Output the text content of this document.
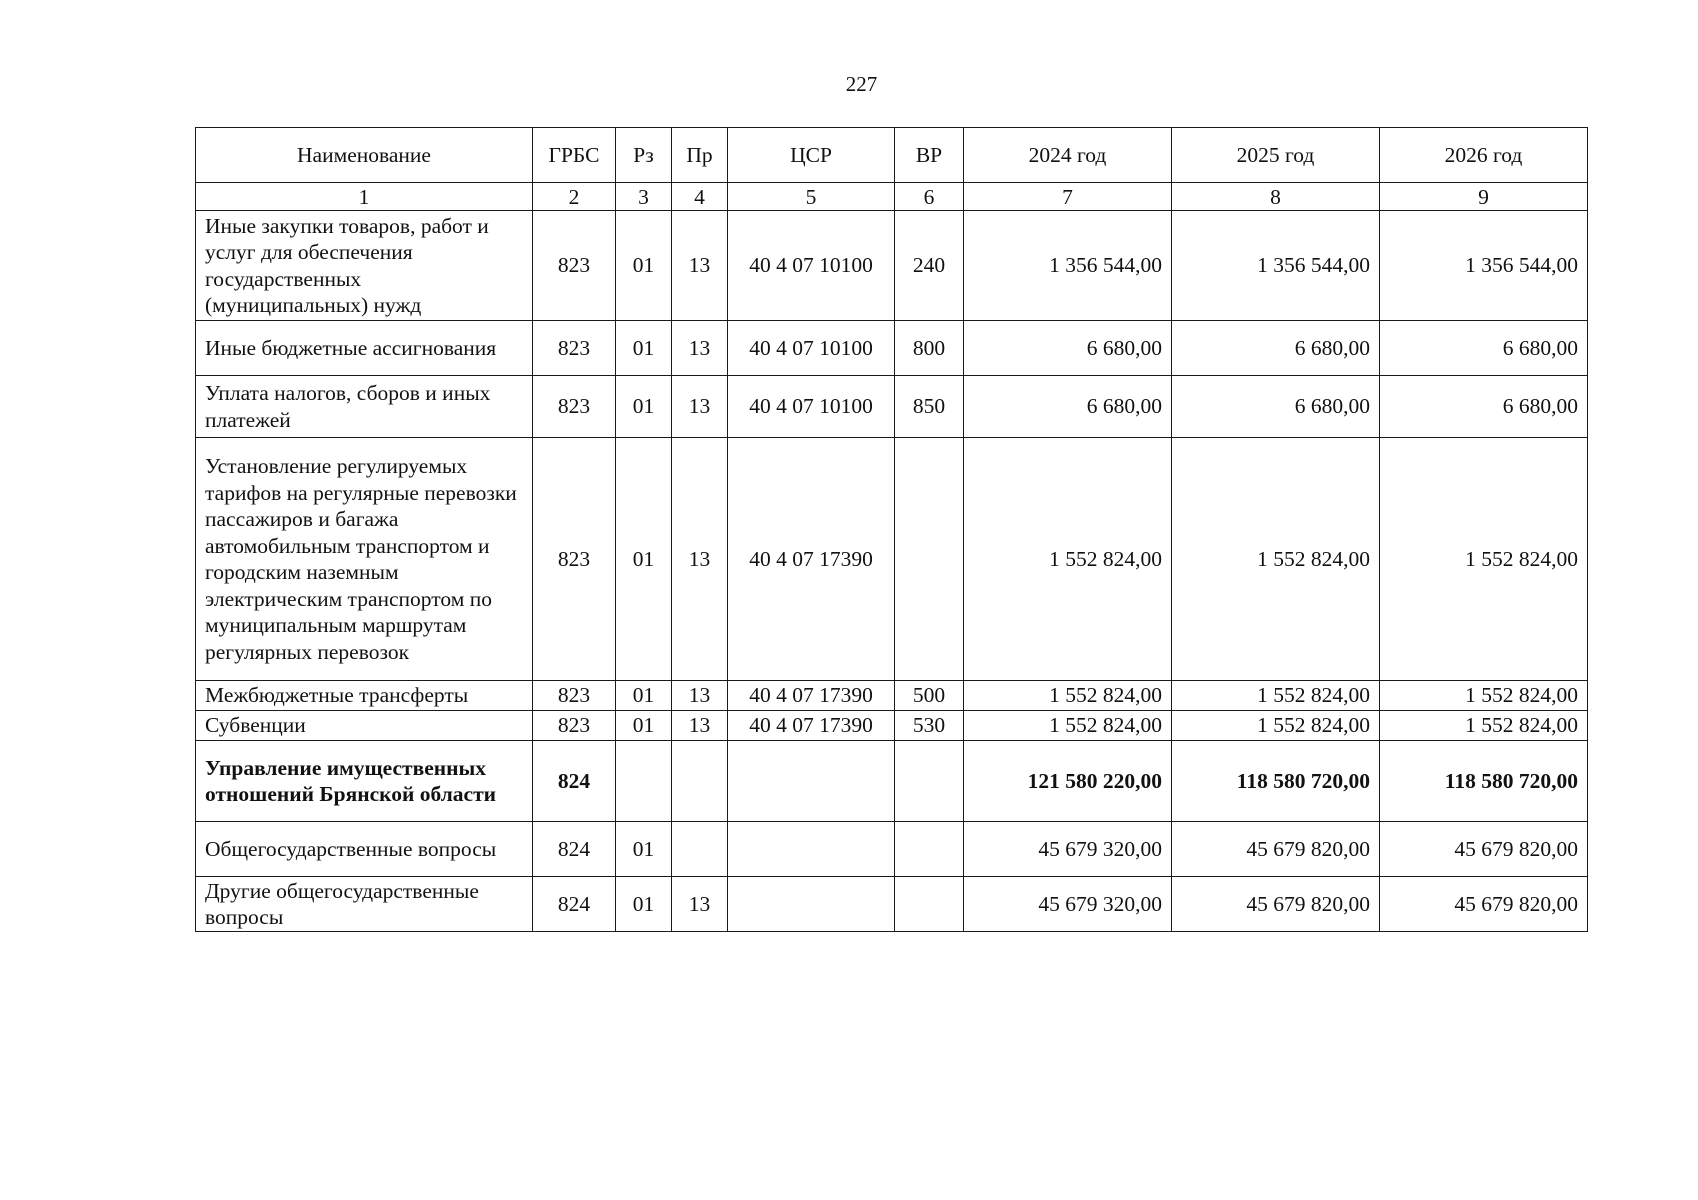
227
Наименование	ГРБС	Рз	Пр	ЦСР	ВР	2024 год	2025 год	2026 год
1	2	3	4	5	6	7	8	9
Иные закупки товаров, работ и услуг для обеспечения государственных (муниципальных) нужд	823	01	13	40 4 07 10100	240	1 356 544,00	1 356 544,00	1 356 544,00
Иные бюджетные ассигнования	823	01	13	40 4 07 10100	800	6 680,00	6 680,00	6 680,00
Уплата налогов, сборов и иных платежей	823	01	13	40 4 07 10100	850	6 680,00	6 680,00	6 680,00
Установление регулируемых тарифов на регулярные перевозки пассажиров и багажа автомобильным транспортом и городским наземным электрическим транспортом по муниципальным маршрутам регулярных перевозок	823	01	13	40 4 07 17390		1 552 824,00	1 552 824,00	1 552 824,00
Межбюджетные трансферты	823	01	13	40 4 07 17390	500	1 552 824,00	1 552 824,00	1 552 824,00
Субвенции	823	01	13	40 4 07 17390	530	1 552 824,00	1 552 824,00	1 552 824,00
Управление имущественных отношений Брянской области	824					121 580 220,00	118 580 720,00	118 580 720,00
Общегосударственные вопросы	824	01				45 679 320,00	45 679 820,00	45 679 820,00
Другие общегосударственные вопросы	824	01	13			45 679 320,00	45 679 820,00	45 679 820,00
